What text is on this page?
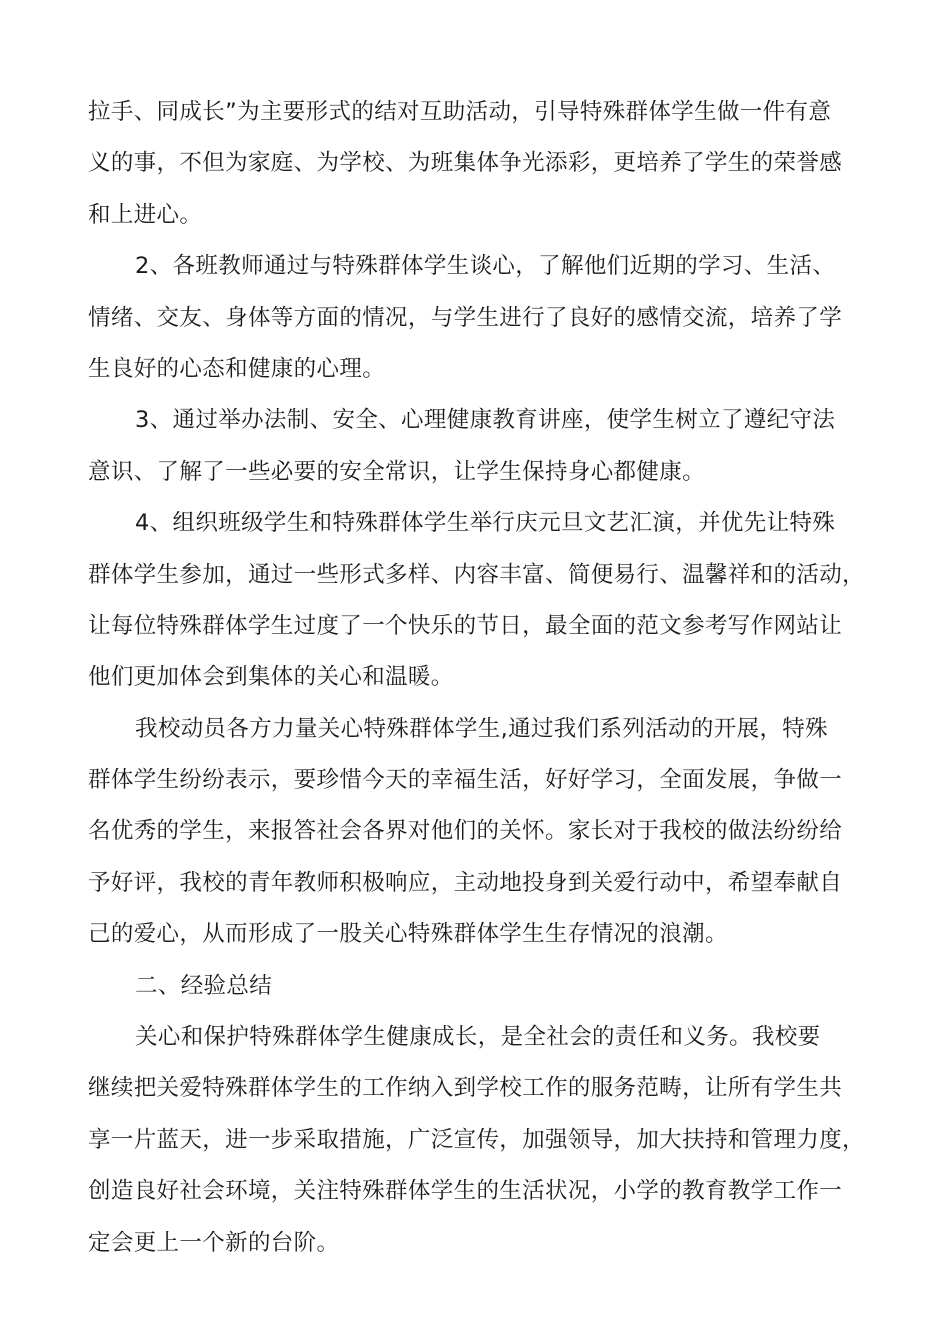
拉手、同成长”为主要形式的结对互助活动，引导特殊群体学生做一件有意
义的事，不但为家庭、为学校、为班集体争光添彩，更培养了学生的荣誉感
和上进心。
2、各班教师通过与特殊群体学生谈心，了解他们近期的学习、生活、
情绪、交友、身体等方面的情况，与学生进行了良好的感情交流，培养了学
生良好的心态和健康的心理。
3、通过举办法制、安全、心理健康教育讲座，使学生树立了遵纪守法
意识、了解了一些必要的安全常识，让学生保持身心都健康。
4、组织班级学生和特殊群体学生举行庆元旦文艺汇演，并优先让特殊
群体学生参加，通过一些形式多样、内容丰富、简便易行、温馨祥和的活动，
让每位特殊群体学生过度了一个快乐的节日，最全面的范文参考写作网站让
他们更加体会到集体的关心和温暖。
我校动员各方力量关心特殊群体学生,通过我们系列活动的开展，特殊
群体学生纷纷表示，要珍惜今天的幸福生活，好好学习，全面发展，争做一
名优秀的学生，来报答社会各界对他们的关怀。家长对于我校的做法纷纷给
予好评，我校的青年教师积极响应，主动地投身到关爱行动中，希望奉献自
己的爱心，从而形成了一股关心特殊群体学生生存情况的浪潮。
二、经验总结
关心和保护特殊群体学生健康成长，是全社会的责任和义务。我校要
继续把关爱特殊群体学生的工作纳入到学校工作的服务范畴，让所有学生共
享一片蓝天，进一步采取措施，广泛宣传，加强领导，加大扶持和管理力度，
创造良好社会环境，关注特殊群体学生的生活状况，小学的教育教学工作一
定会更上一个新的台阶。
